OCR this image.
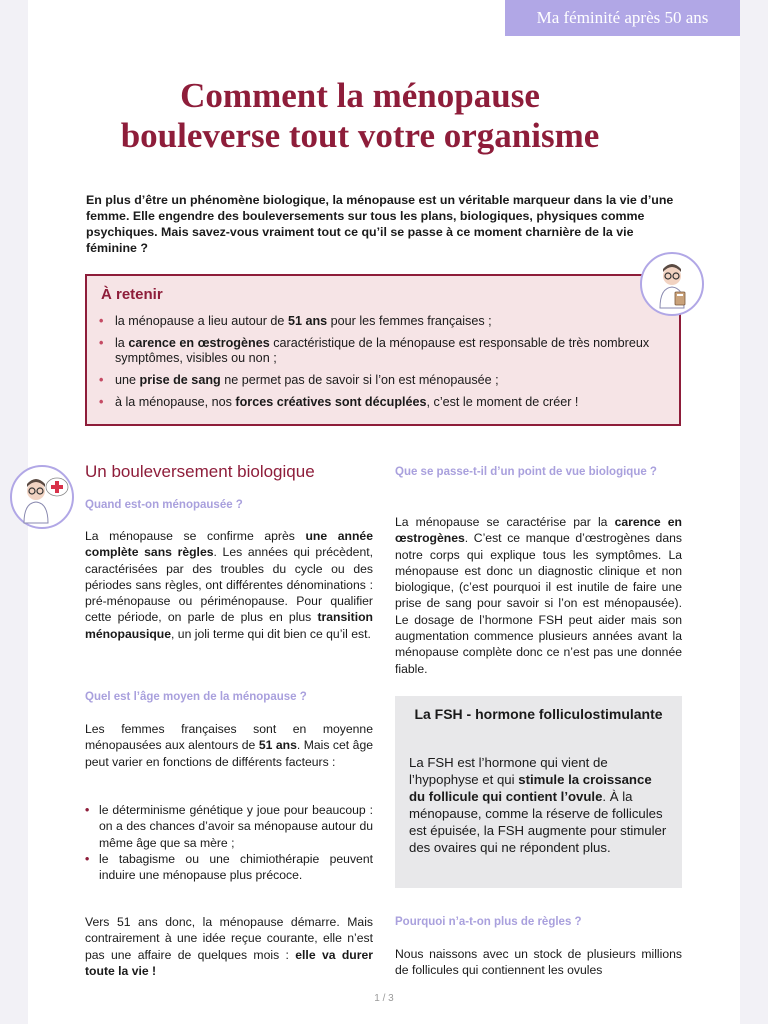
Ma féminité après 50 ans
Comment la ménopause
bouleverse tout votre organisme

En plus d’être un phénomène biologique, la ménopause est un véritable marqueur dans la vie d’une femme. Elle engendre des bouleversements sur tous les plans, biologiques, physiques comme psychiques. Mais savez-vous vraiment tout ce qu’il se passe à ce moment charnière de la vie féminine ?

À retenir
• la ménopause a lieu autour de 51 ans pour les femmes françaises ;
• la carence en œstrogènes caractéristique de la ménopause est responsable de très nombreux symptômes, visibles ou non ;
• une prise de sang ne permet pas de savoir si l’on est ménopausée ;
• à la ménopause, nos forces créatives sont décuplées, c’est le moment de créer !
Un bouleversement biologique
Quand est-on ménopausée ?

La ménopause se confirme après une année complète sans règles. Les années qui précèdent, caractérisées par des troubles du cycle ou des périodes sans règles, ont différentes dénominations : pré-ménopause ou périménopause. Pour qualifier cette période, on parle de plus en plus transition ménopausique, un joli terme qui dit bien ce qu’il est.

Quel est l’âge moyen de la ménopause ?

Les femmes françaises sont en moyenne ménopausées aux alentours de 51 ans. Mais cet âge peut varier en fonctions de différents facteurs :

• le déterminisme génétique y joue pour beaucoup : on a des chances d’avoir sa ménopause autour du même âge que sa mère ;
• le tabagisme ou une chimiothérapie peuvent induire une ménopause plus précoce.

Vers 51 ans donc, la ménopause démarre. Mais contrairement à une idée reçue courante, elle n’est pas une affaire de quelques mois : elle va durer toute la vie !

Que se passe-t-il d’un point de vue biologique ?

La ménopause se caractérise par la carence en œstrogènes. C’est ce manque d’œstrogènes dans notre corps qui explique tous les symptômes. La ménopause est donc un diagnostic clinique et non biologique, (c’est pourquoi il est inutile de faire une prise de sang pour savoir si l’on est ménopausée). Le dosage de l’hormone FSH peut aider mais son augmentation commence plusieurs années avant la ménopause complète donc ce n’est pas une donnée fiable.

La FSH - hormone folliculostimulante

La FSH est l’hormone qui vient de l’hypophyse et qui stimule la croissance du follicule qui contient l’ovule. À la ménopause, comme la réserve de follicules est épuisée, la FSH augmente pour stimuler des ovaires qui ne répondent plus.

Pourquoi n’a-t-on plus de règles ?

Nous naissons avec un stock de plusieurs millions de follicules qui contiennent les ovules

1 / 3
